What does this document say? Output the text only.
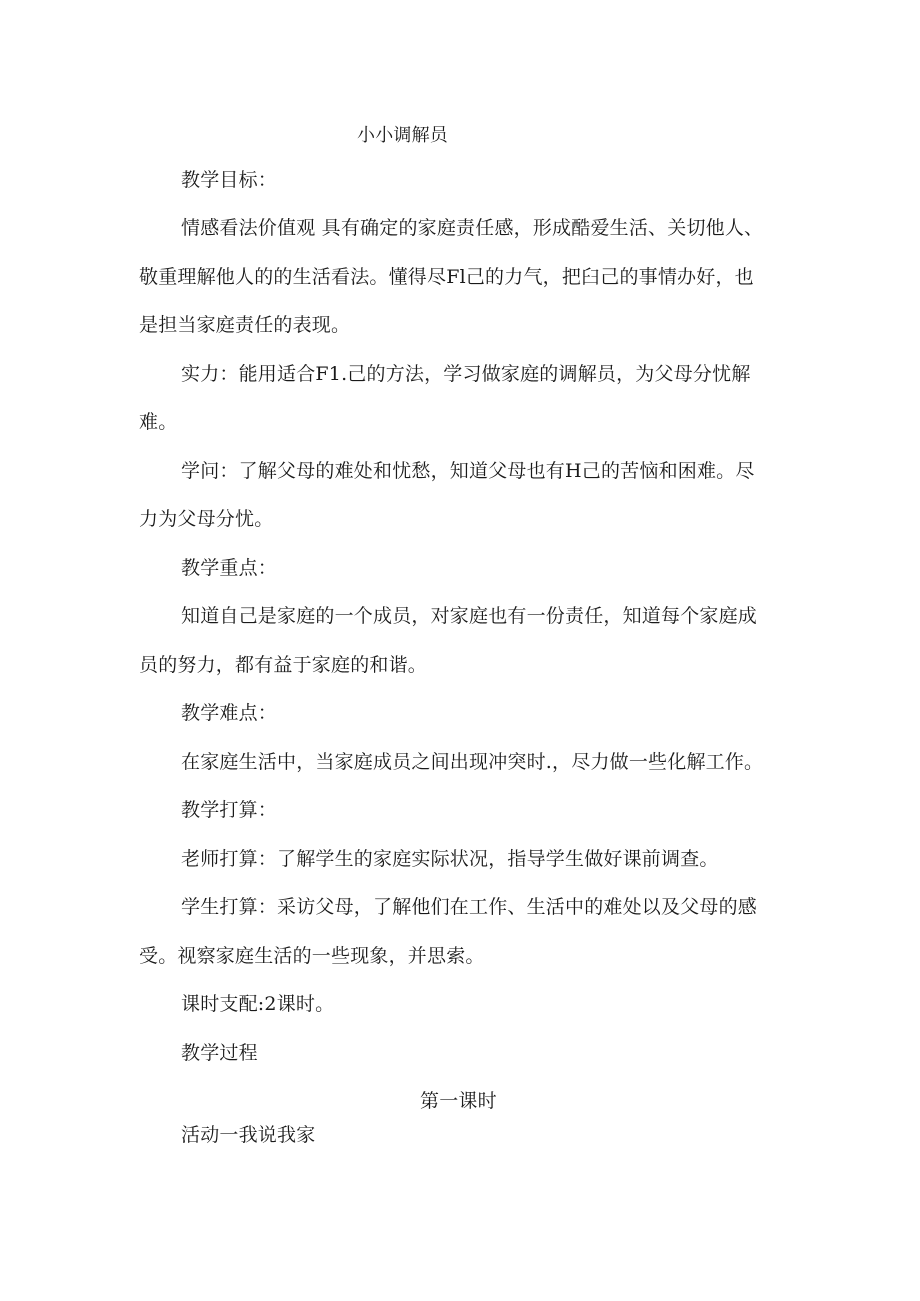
小小调解员
教学目标：
情感看法价值观 具有确定的家庭责任感，形成酷爱生活、关切他人、
敬重理解他人的的生活看法。懂得尽Fl己的力气，把臼己的事情办好，也
是担当家庭责任的表现。
实力：能用适合F1.己的方法，学习做家庭的调解员，为父母分忧解
难。
学问：了解父母的难处和忧愁，知道父母也有H己的苦恼和困难。尽
力为父母分忧。
教学重点：
知道自己是家庭的一个成员，对家庭也有一份责任，知道每个家庭成
员的努力，都有益于家庭的和谐。
教学难点：
在家庭生活中，当家庭成员之间出现冲突时.，尽力做一些化解工作。
教学打算：
老师打算：了解学生的家庭实际状况，指导学生做好课前调查。
学生打算：采访父母，了解他们在工作、生活中的难处以及父母的感
受。视察家庭生活的一些现象，并思索。
课时支配:2课时。
教学过程
第一课时
活动一我说我家
